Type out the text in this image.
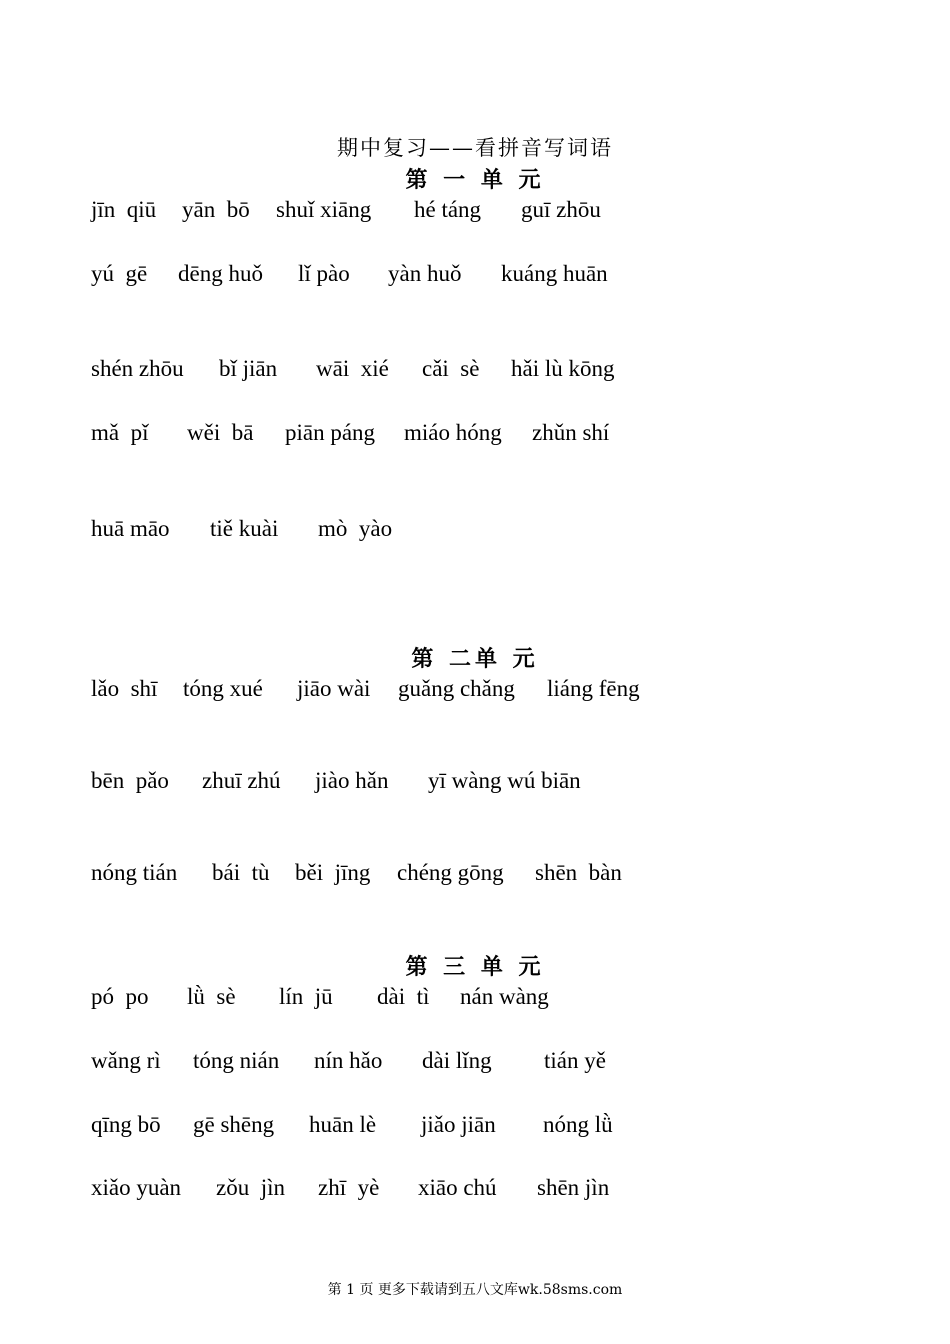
期中复习——看拼音写词语
第 一 单 元
jīn  qiū yān  bō shuǐ xiāng hé táng guī zhōu
yú  gē dēng huǒ lǐ pào yàn huǒ kuáng huān
shén zhōu bǐ jiān wāi  xié cǎi  sè hǎi lù kōng
mǎ  pǐ wěi  bā piān páng miáo hóng zhǔn shí
huā māo tiě kuài mò  yào
第 二单 元
lǎo  shī tóng xué jiāo wài guǎng chǎng liáng fēng
bēn  pǎo zhuī zhú jiào hǎn yī wàng wú biān
nóng tián bái  tù běi  jīng chéng gōng shēn  bàn
第 三 单 元
pó  po lǜ  sè lín  jū dài  tì nán wàng
wǎng rì tóng nián nín hǎo dài lǐng tián yě
qīng bō gē shēng huān lè jiǎo jiān nóng lǜ
xiǎo yuàn zǒu  jìn zhī  yè xiāo chú shēn jìn
第 1 页 更多下载请到五八文库wk.58sms.com
